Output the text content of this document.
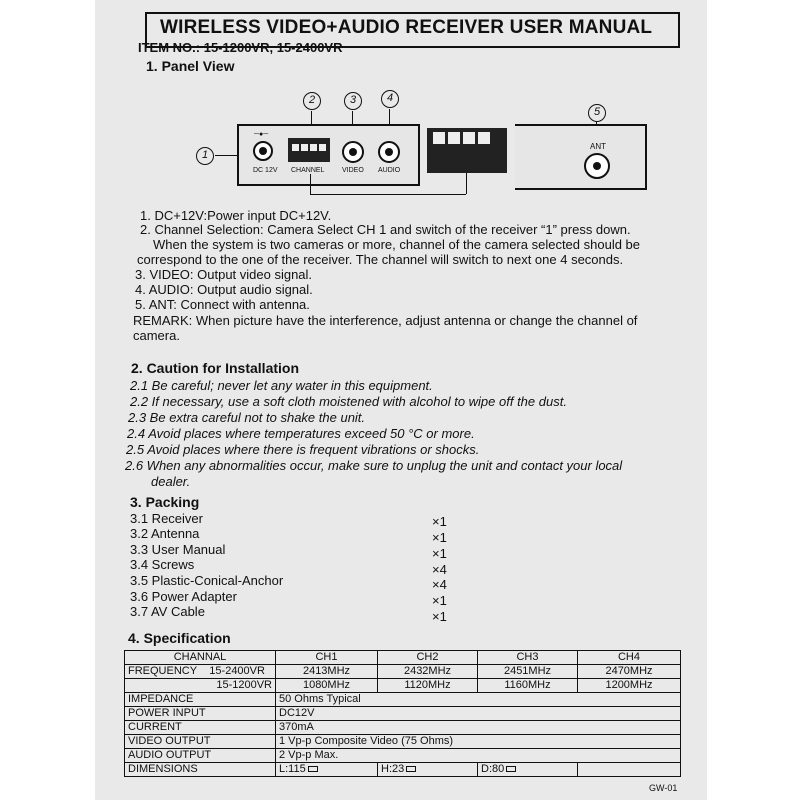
WIRELESS VIDEO+AUDIO RECEIVER USER MANUAL
ITEM NO.: 15-1200VR, 15-2400VR
1. Panel View
1
2	3	4
5
─●─
DC 12V CHANNEL	VIDEO AUDIO
ANT
1. DC+12V:Power input DC+12V.
2. Channel Selection: Camera Select CH 1 and switch of the receiver “1” press down.
When the system is two cameras or more, channel of the camera selected should be
correspond to the one of the receiver. The channel will switch to next one 4 seconds.
3. VIDEO: Output video signal.
4. AUDIO: Output audio signal.
5. ANT: Connect with antenna.
REMARK: When picture have the interference, adjust antenna or change the channel of
camera.
2. Caution for Installation
2.1 Be careful; never let any water in this equipment.
2.2 If necessary, use a soft cloth moistened with alcohol to wipe off the dust.
2.3 Be extra careful not to shake the unit.
2.4 Avoid places where temperatures exceed 50 °C or more.
2.5 Avoid places where there is frequent vibrations or shocks.
2.6 When any abnormalities occur, make sure to unplug the unit and contact your local
dealer.
3. Packing
3.1 Receiver	×1
3.2 Antenna	×1
3.3 User Manual	×1
3.4 Screws	×4
3.5 Plastic-Conical-Anchor	×4
3.6 Power Adapter	×1
3.7 AV Cable	×1
4. Specification
CHANNAL	CH1	CH2	CH3	CH4
FREQUENCY 15-2400VR	2413MHz	2432MHz	2451MHz	2470MHz
15-1200VR	1080MHz	1120MHz	1160MHz	1200MHz
IMPEDANCE	50 Ohms Typical			
POWER INPUT	DC12V			
CURRENT	370mA			
VIDEO OUTPUT	1 Vp-p Composite Video (75 Ohms)			
AUDIO OUTPUT	2 Vp-p Max.			
DIMENSIONS	L:115	H:23	D:80	
GW-01
